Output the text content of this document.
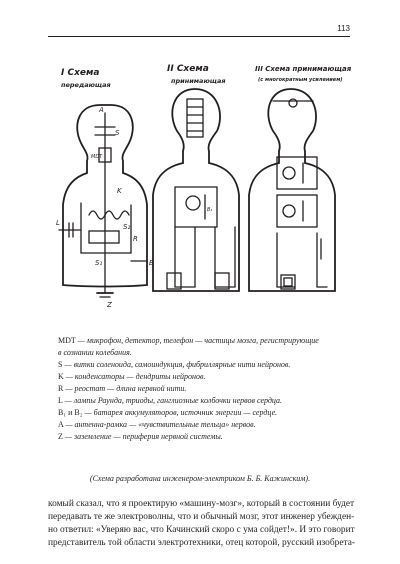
113
I Схема
передающая
II Схема
принимающая
III Схема принимающая
(с многократным усилением)
A
MDT
S
K
R
L
S₁
S₂
B
Z
B₁
MDT — микрофон, детектор, телефон — частицы мозга, регистрирующие
в сознании колебания.
S — витки соленоида, самоиндукция, фибриллярные нити нейронов.
K — конденсаторы — дендриты нейронов.
R — реостат — длина нервной нити.
L — лампы Раунда, триоды, ганглиозные колбочки нервов сердца.
B₁ и B₂ — батарея аккумуляторов, источник энергии — сердце.
A — антенна-рамка — «чувствительные тельца» нервов.
Z — заземление — периферия нервной системы.
(Схема разработана инженером-электриком Б. Б. Кажинским).
комый сказал, что я проектирую «машину-мозг», который в состоянии будет
передавать те же электроволны, что и обычный мозг, этот инженер убежден-
но ответил: «Уверяю вас, что Качинский скоро с ума сойдет!». И это говорит
представитель той области электротехники, отец которой, русский изобрета-
